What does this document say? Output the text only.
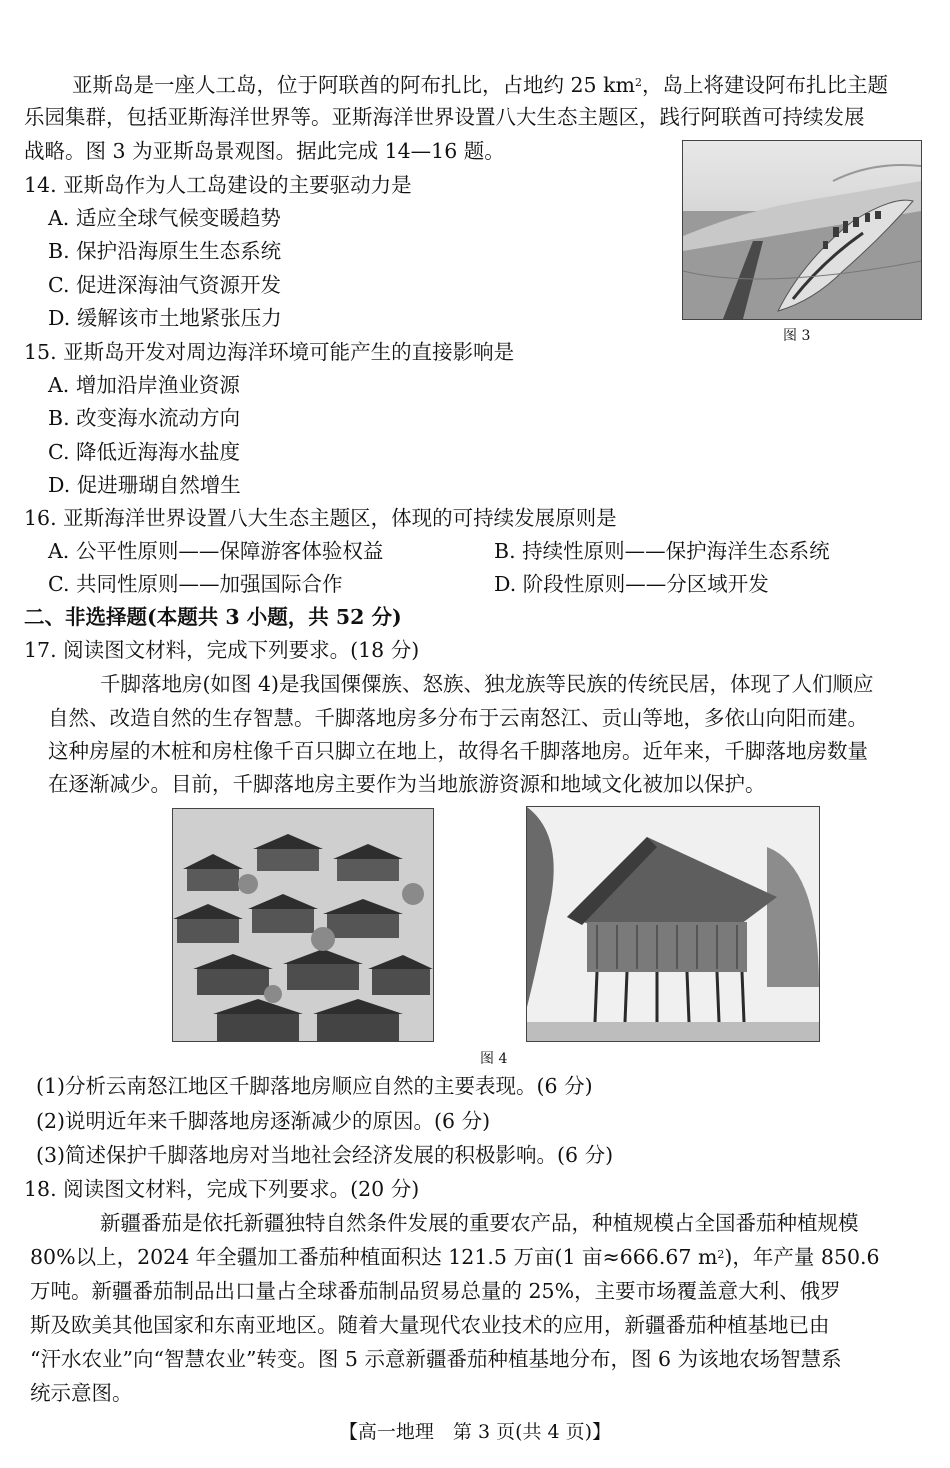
亚斯岛是一座人工岛，位于阿联酋的阿布扎比，占地约 25 $km^2$，岛上将建设阿布扎比主题
乐园集群，包括亚斯海洋世界等。亚斯海洋世界设置八大生态主题区，践行阿联酋可持续发展
战略。图 3 为亚斯岛景观图。据此完成 14—16 题。
图 3
14. 亚斯岛作为人工岛建设的主要驱动力是
A. 适应全球气候变暖趋势
B. 保护沿海原生生态系统
C. 促进深海油气资源开发
D. 缓解该市土地紧张压力
15. 亚斯岛开发对周边海洋环境可能产生的直接影响是
A. 增加沿岸渔业资源
B. 改变海水流动方向
C. 降低近海海水盐度
D. 促进珊瑚自然增生
16. 亚斯海洋世界设置八大生态主题区，体现的可持续发展原则是
A. 公平性原则——保障游客体验权益	B. 持续性原则——保护海洋生态系统
C. 共同性原则——加强国际合作	D. 阶段性原则——分区域开发
二、非选择题(本题共 3 小题，共 52 分)
17. 阅读图文材料，完成下列要求。(18 分)
千脚落地房(如图 4)是我国傈僳族、怒族、独龙族等民族的传统民居，体现了人们顺应
自然、改造自然的生存智慧。千脚落地房多分布于云南怒江、贡山等地，多依山向阳而建。
这种房屋的木桩和房柱像千百只脚立在地上，故得名千脚落地房。近年来，千脚落地房数量
在逐渐减少。目前，千脚落地房主要作为当地旅游资源和地域文化被加以保护。
图 4
(1)分析云南怒江地区千脚落地房顺应自然的主要表现。(6 分)
(2)说明近年来千脚落地房逐渐减少的原因。(6 分)
(3)简述保护千脚落地房对当地社会经济发展的积极影响。(6 分)
18. 阅读图文材料，完成下列要求。(20 分)
新疆番茄是依托新疆独特自然条件发展的重要农产品，种植规模占全国番茄种植规模
80%以上，2024 年全疆加工番茄种植面积达 121.5 万亩(1 亩≈666.67 $m^2$)，年产量 850.6
万吨。新疆番茄制品出口量占全球番茄制品贸易总量的 25%，主要市场覆盖意大利、俄罗
斯及欧美其他国家和东南亚地区。随着大量现代农业技术的应用，新疆番茄种植基地已由
“汗水农业”向“智慧农业”转变。图 5 示意新疆番茄种植基地分布，图 6 为该地农场智慧系
统示意图。
【高一地理　第 3 页(共 4 页)】
